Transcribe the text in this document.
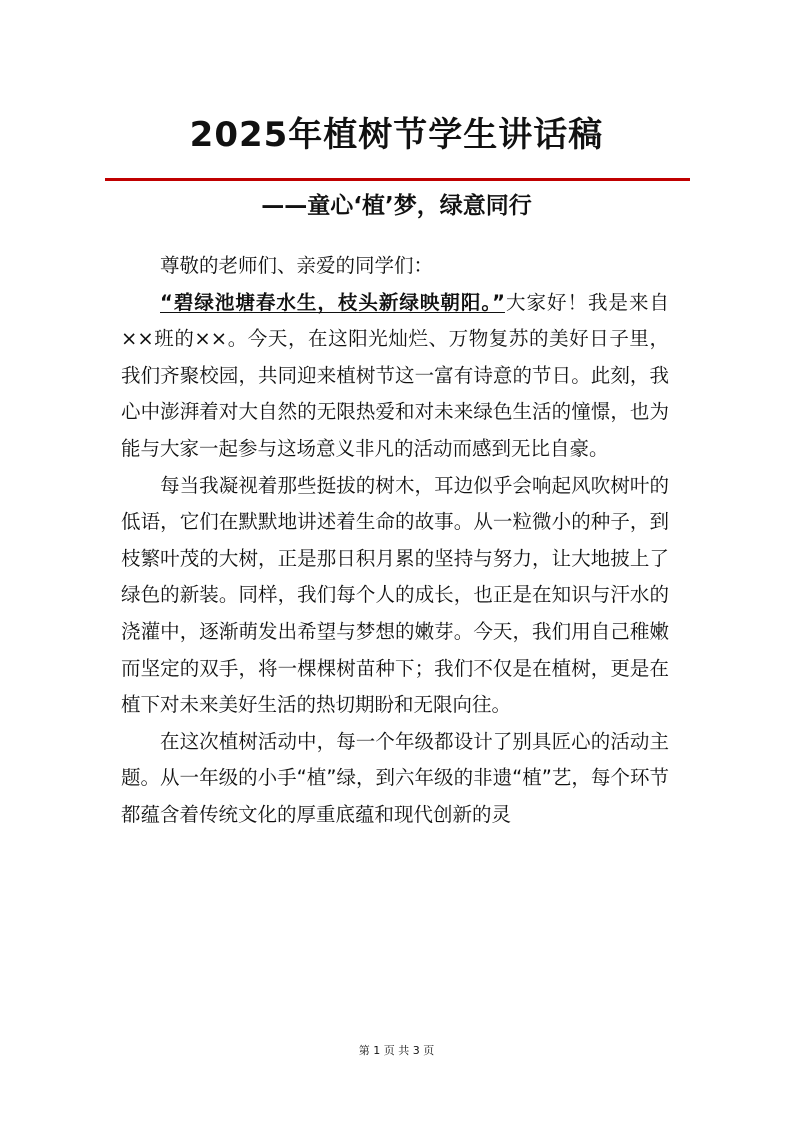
2025年植树节学生讲话稿
——童心‘植’梦，绿意同行

尊敬的老师们、亲爱的同学们：

“碧绿池塘春水生，枝头新绿映朝阳。”大家好！我是来自××班的××。今天，在这阳光灿烂、万物复苏的美好日子里，我们齐聚校园，共同迎来植树节这一富有诗意的节日。此刻，我心中澎湃着对大自然的无限热爱和对未来绿色生活的憧憬，也为能与大家一起参与这场意义非凡的活动而感到无比自豪。

每当我凝视着那些挺拔的树木，耳边似乎会响起风吹树叶的低语，它们在默默地讲述着生命的故事。从一粒微小的种子，到枝繁叶茂的大树，正是那日积月累的坚持与努力，让大地披上了绿色的新装。同样，我们每个人的成长，也正是在知识与汗水的浇灌中，逐渐萌发出希望与梦想的嫩芽。今天，我们用自己稚嫩而坚定的双手，将一棵棵树苗种下；我们不仅是在植树，更是在植下对未来美好生活的热切期盼和无限向往。

在这次植树活动中，每一个年级都设计了别具匠心的活动主题。从一年级的小手“植”绿，到六年级的非遗“植”艺，每个环节都蕴含着传统文化的厚重底蕴和现代创新的灵

第 1 页 共 3 页
